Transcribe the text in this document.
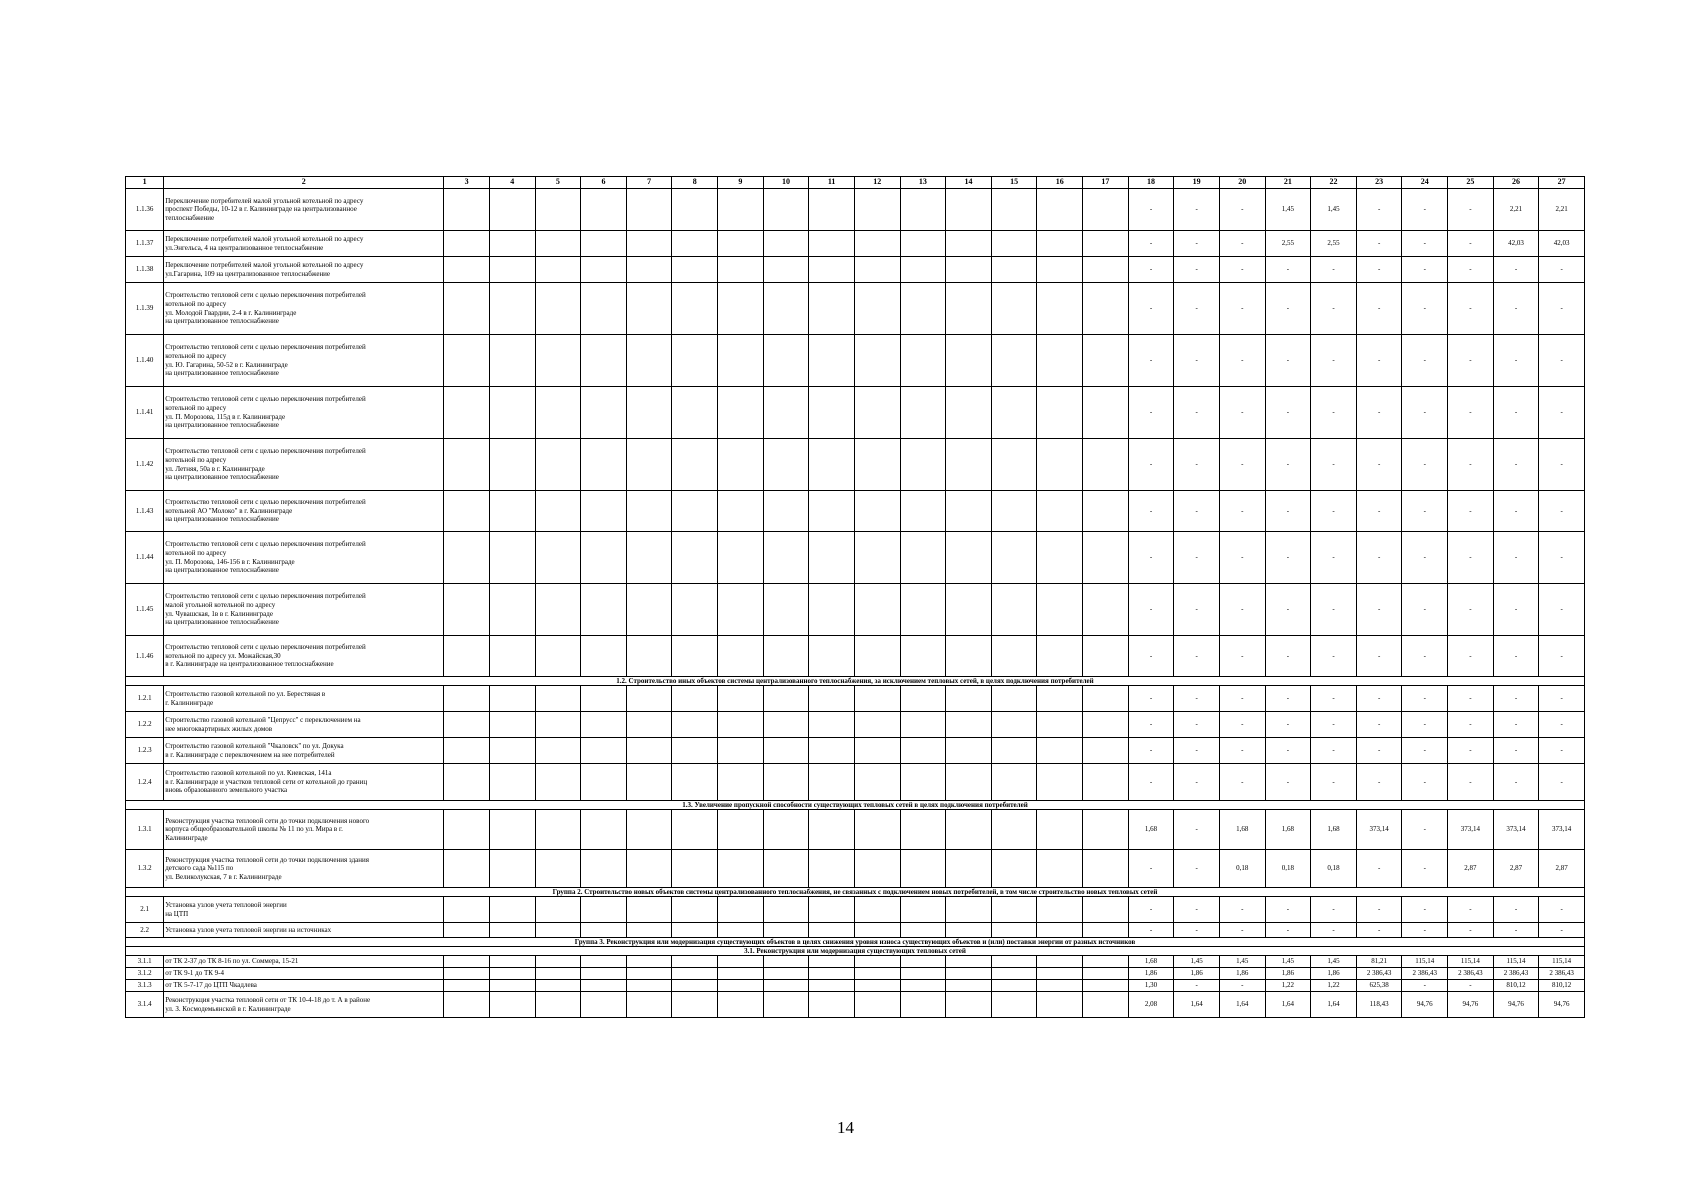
1	2	3	4	5	6	7	8	9	10	11	12	13	14	15	16	17	18	19	20	21	22	23	24	25	26	27
1.1.36	Переключение потребителей малой угольной котельной по адресу
проспект Победы, 10-12 в г. Калининграде на централизованное
теплоснабжение																-	-	-	1,45	1,45	-	-	-	2,21	2,21
1.1.37	Переключение потребителей малой угольной котельной по адресу
ул.Энгельса, 4 на централизованное теплоснабжение																-	-	-	2,55	2,55	-	-	-	42,03	42,03
1.1.38	Переключение потребителей малой угольной котельной по адресу
ул.Гагарина, 109 на централизованное теплоснабжение																-	-	-	-	-	-	-	-	-	-
1.1.39	Строительство тепловой сети с целью переключения потребителей
котельной по адресу
ул. Молодой Гвардии, 2-4 в г. Калининграде
на централизованное теплоснабжение																-	-	-	-	-	-	-	-	-	-
1.1.40	Строительство тепловой сети с целью переключения потребителей
котельной по адресу
ул. Ю. Гагарина, 50-52 в г. Калининграде
на централизованное теплоснабжение																-	-	-	-	-	-	-	-	-	-
1.1.41	Строительство тепловой сети с целью переключения потребителей
котельной по адресу
ул. П. Морозова, 115д в г. Калининграде
на централизованное теплоснабжение																-	-	-	-	-	-	-	-	-	-
1.1.42	Строительство тепловой сети с целью переключения потребителей
котельной по адресу
ул. Летняя, 50а в г. Калининграде
на централизованное теплоснабжение																-	-	-	-	-	-	-	-	-	-
1.1.43	Строительство тепловой сети с целью переключения потребителей
котельной АО "Молоко" в г. Калининграде
на централизованное теплоснабжение																-	-	-	-	-	-	-	-	-	-
1.1.44	Строительство тепловой сети с целью переключения потребителей
котельной по адресу
ул. П. Морозова, 146-156 в г. Калининграде
на централизованное теплоснабжение																-	-	-	-	-	-	-	-	-	-
1.1.45	Строительство тепловой сети с целью переключения потребителей
малой угольной котельной по адресу
ул. Чувашская, 1в в г. Калининграде
на централизованное теплоснабжение																-	-	-	-	-	-	-	-	-	-
1.1.46	Строительство тепловой сети с целью переключения потребителей
котельной по адресу ул. Можайская,30
в г. Калининграде на централизованное теплоснабжение																-	-	-	-	-	-	-	-	-	-
1.2. Строительство иных объектов системы централизованного теплоснабжения, за исключением тепловых сетей, в целях подключения потребителей																										
1.2.1	Строительство газовой котельной по ул. Берестяная в
г. Калининграде																-	-	-	-	-	-	-	-	-	-
1.2.2	Строительство газовой котельной "Цепрусс" с переключением на
нее многоквартирных жилых домов																-	-	-	-	-	-	-	-	-	-
1.2.3	Строительство газовой котельной "Чкаловск" по ул. Докука
в г. Калининграде с переключением на нее потребителей																-	-	-	-	-	-	-	-	-	-
1.2.4	Строительство газовой котельной по ул. Киевская, 141а
в г. Калининграде и участков тепловой сети от котельной до границ
вновь образованного земельного участка																-	-	-	-	-	-	-	-	-	-
1.3. Увеличение пропускной способности существующих тепловых сетей в целях подключения потребителей																										
1.3.1	Реконструкция участка тепловой сети до точки подключения нового
корпуса общеобразовательной школы № 11 по ул. Мира в г.
Калининграде																1,68	-	1,68	1,68	1,68	373,14	-	373,14	373,14	373,14
1.3.2	Реконструкция участка тепловой сети до точки подключения здания
детского сада №115 по
ул. Великолукская, 7 в г. Калининграде																-	-	0,18	0,18	0,18	-	-	2,87	2,87	2,87
Группа 2. Строительство новых объектов системы централизованного теплоснабжения, не связанных с подключением новых потребителей, в том числе строительство новых тепловых сетей																										
2.1	Установка узлов учета тепловой энергии
на ЦТП																-	-	-	-	-	-	-	-	-	-
2.2	Установка узлов учета тепловой энергии на источниках																-	-	-	-	-	-	-	-	-	-
Группа 3. Реконструкция или модернизация существующих объектов в целях снижения уровня износа существующих объектов и (или) поставки энергии от разных источников																										
3.1. Реконструкция или модернизация существующих тепловых сетей																										
3.1.1	от ТК 2-37 до ТК 8-16 по ул. Соммера, 15-21																1,68	1,45	1,45	1,45	1,45	81,21	115,14	115,14	115,14	115,14
3.1.2	от ТК 9-1 до ТК 9-4																1,86	1,86	1,86	1,86	1,86	2 386,43	2 386,43	2 386,43	2 386,43	2 386,43
3.1.3	от ТК 5-7-17 до ЦТП Чкадлева																1,30	-	-	1,22	1,22	625,38	-	-	810,12	810,12
3.1.4	Реконструкция участка тепловой сети от ТК 10-4-18 до т. А в районе
ул. З. Космодемьянской в г. Калининграде																2,08	1,64	1,64	1,64	1,64	118,43	94,76	94,76	94,76	94,76
14
